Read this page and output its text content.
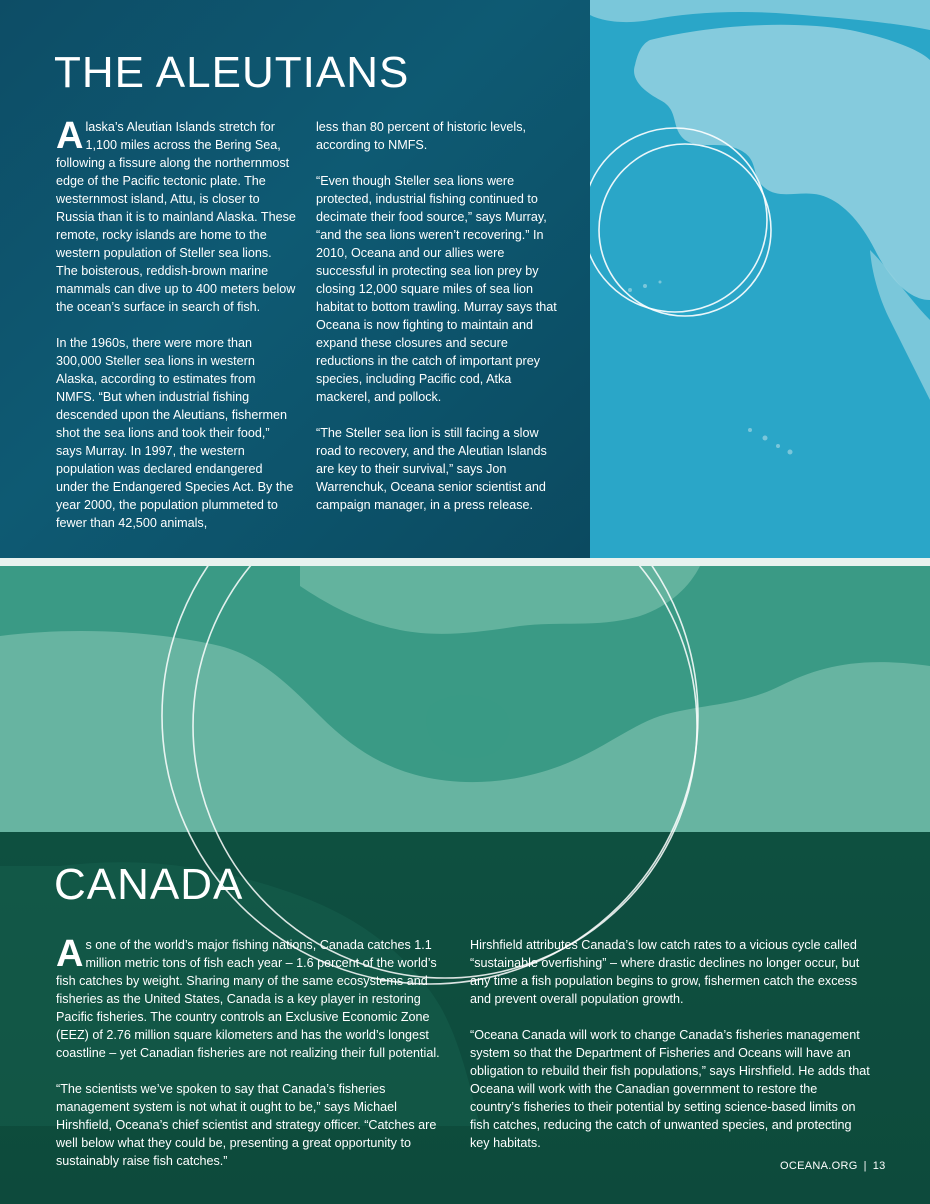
THE ALEUTIANS

Alaska’s Aleutian Islands stretch for 1,100 miles across the Bering Sea, following a fissure along the northernmost edge of the Pacific tectonic plate. The westernmost island, Attu, is closer to Russia than it is to mainland Alaska. These remote, rocky islands are home to the western population of Steller sea lions. The boisterous, reddish-brown marine mammals can dive up to 400 meters below the ocean’s surface in search of fish.

In the 1960s, there were more than 300,000 Steller sea lions in western Alaska, according to estimates from NMFS. “But when industrial fishing descended upon the Aleutians, fishermen shot the sea lions and took their food,” says Murray. In 1997, the western population was declared endangered under the Endangered Species Act. By the year 2000, the population plummeted to fewer than 42,500 animals,

less than 80 percent of historic levels, according to NMFS.

“Even though Steller sea lions were protected, industrial fishing continued to decimate their food source,” says Murray, “and the sea lions weren’t recovering.” In 2010, Oceana and our allies were successful in protecting sea lion prey by closing 12,000 square miles of sea lion habitat to bottom trawling. Murray says that Oceana is now fighting to maintain and expand these closures and secure reductions in the catch of important prey species, including Pacific cod, Atka mackerel, and pollock.

“The Steller sea lion is still facing a slow road to recovery, and the Aleutian Islands are key to their survival,” says Jon Warrenchuk, Oceana senior scientist and campaign manager, in a press release.

CANADA

As one of the world’s major fishing nations, Canada catches 1.1 million metric tons of fish each year – 1.6 percent of the world’s fish catches by weight. Sharing many of the same ecosystems and fisheries as the United States, Canada is a key player in restoring Pacific fisheries. The country controls an Exclusive Economic Zone (EEZ) of 2.76 million square kilometers and has the world’s longest coastline – yet Canadian fisheries are not realizing their full potential.

“The scientists we’ve spoken to say that Canada’s fisheries management system is not what it ought to be,” says Michael Hirshfield, Oceana’s chief scientist and strategy officer. “Catches are well below what they could be, presenting a great opportunity to sustainably raise fish catches.”

Hirshfield attributes Canada’s low catch rates to a vicious cycle called “sustainable overfishing” – where drastic declines no longer occur, but any time a fish population begins to grow, fishermen catch the excess and prevent overall population growth.

“Oceana Canada will work to change Canada’s fisheries management system so that the Department of Fisheries and Oceans will have an obligation to rebuild their fish populations,” says Hirshfield. He adds that Oceana will work with the Canadian government to restore the country’s fisheries to their potential by setting science-based limits on fish catches, reducing the catch of unwanted species, and protecting key habitats.

OCEANA.ORG | 13
